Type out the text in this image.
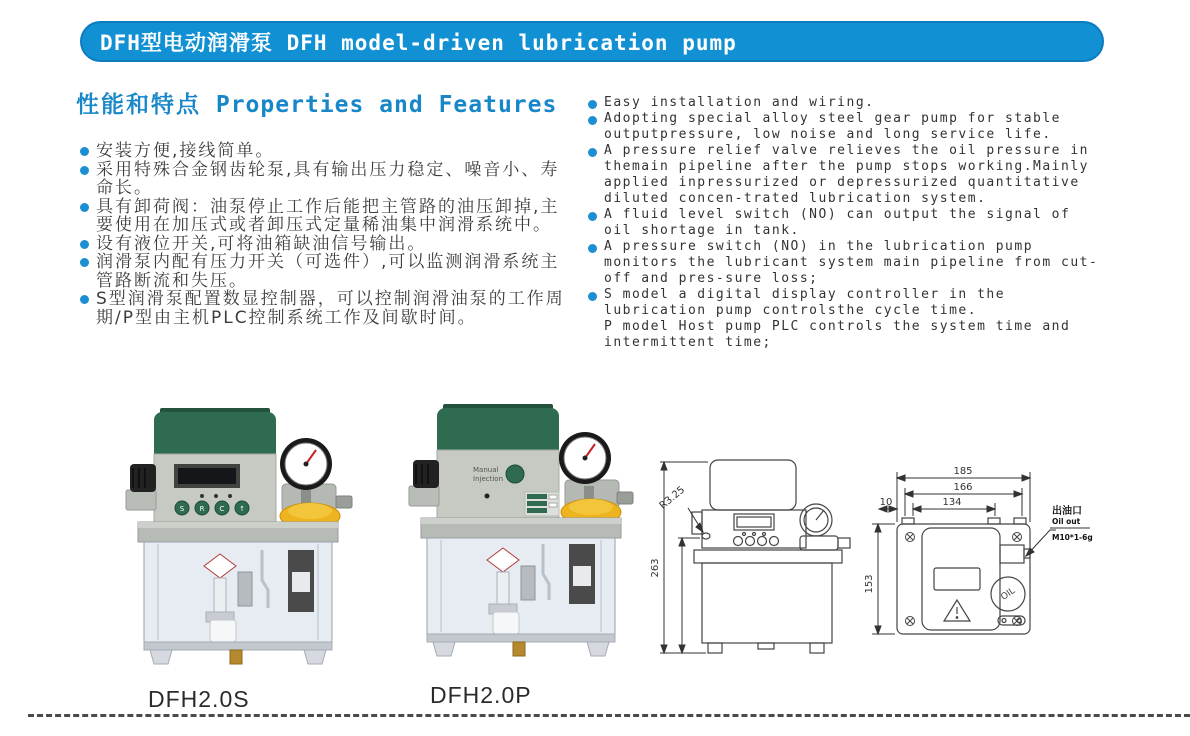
DFH型电动润滑泵 DFH model-driven lubrication pump
性能和特点 Properties and Features
安装方便,接线简单。
采用特殊合金钢齿轮泵,具有输出压力稳定、噪音小、寿命长。
具有卸荷阀：油泵停止工作后能把主管路的油压卸掉,主要使用在加压式或者卸压式定量稀油集中润滑系统中。
设有液位开关,可将油箱缺油信号输出。
润滑泵内配有压力开关（可选件）,可以监测润滑系统主管路断流和失压。
S型润滑泵配置数显控制器，可以控制润滑油泵的工作周期/P型由主机PLC控制系统工作及间歇时间。
Easy installation and wiring.
Adopting special alloy steel gear pump for stable outputpressure, low noise and long service life.
A pressure relief valve relieves the oil pressure in themain pipeline after the pump stops working.Mainly applied inpressurized or depressurized quantitative diluted concen-trated lubrication system.
A fluid level switch (NO) can output the signal of oil shortage in tank.
A pressure switch (NO) in the lubrication pump monitors the lubricant system main pipeline from cut-off and pres-sure loss;
S model a digital display controller in the lubrication pump controlsthe cycle time.
P model Host pump PLC controls the system time and intermittent time;
S R C ↑
DFH2.0S
Manual
Injection
DFH2.0P
263
R3.25
OIL
185
166
134
10
153
出油口
Oil out
M10*1-6g
